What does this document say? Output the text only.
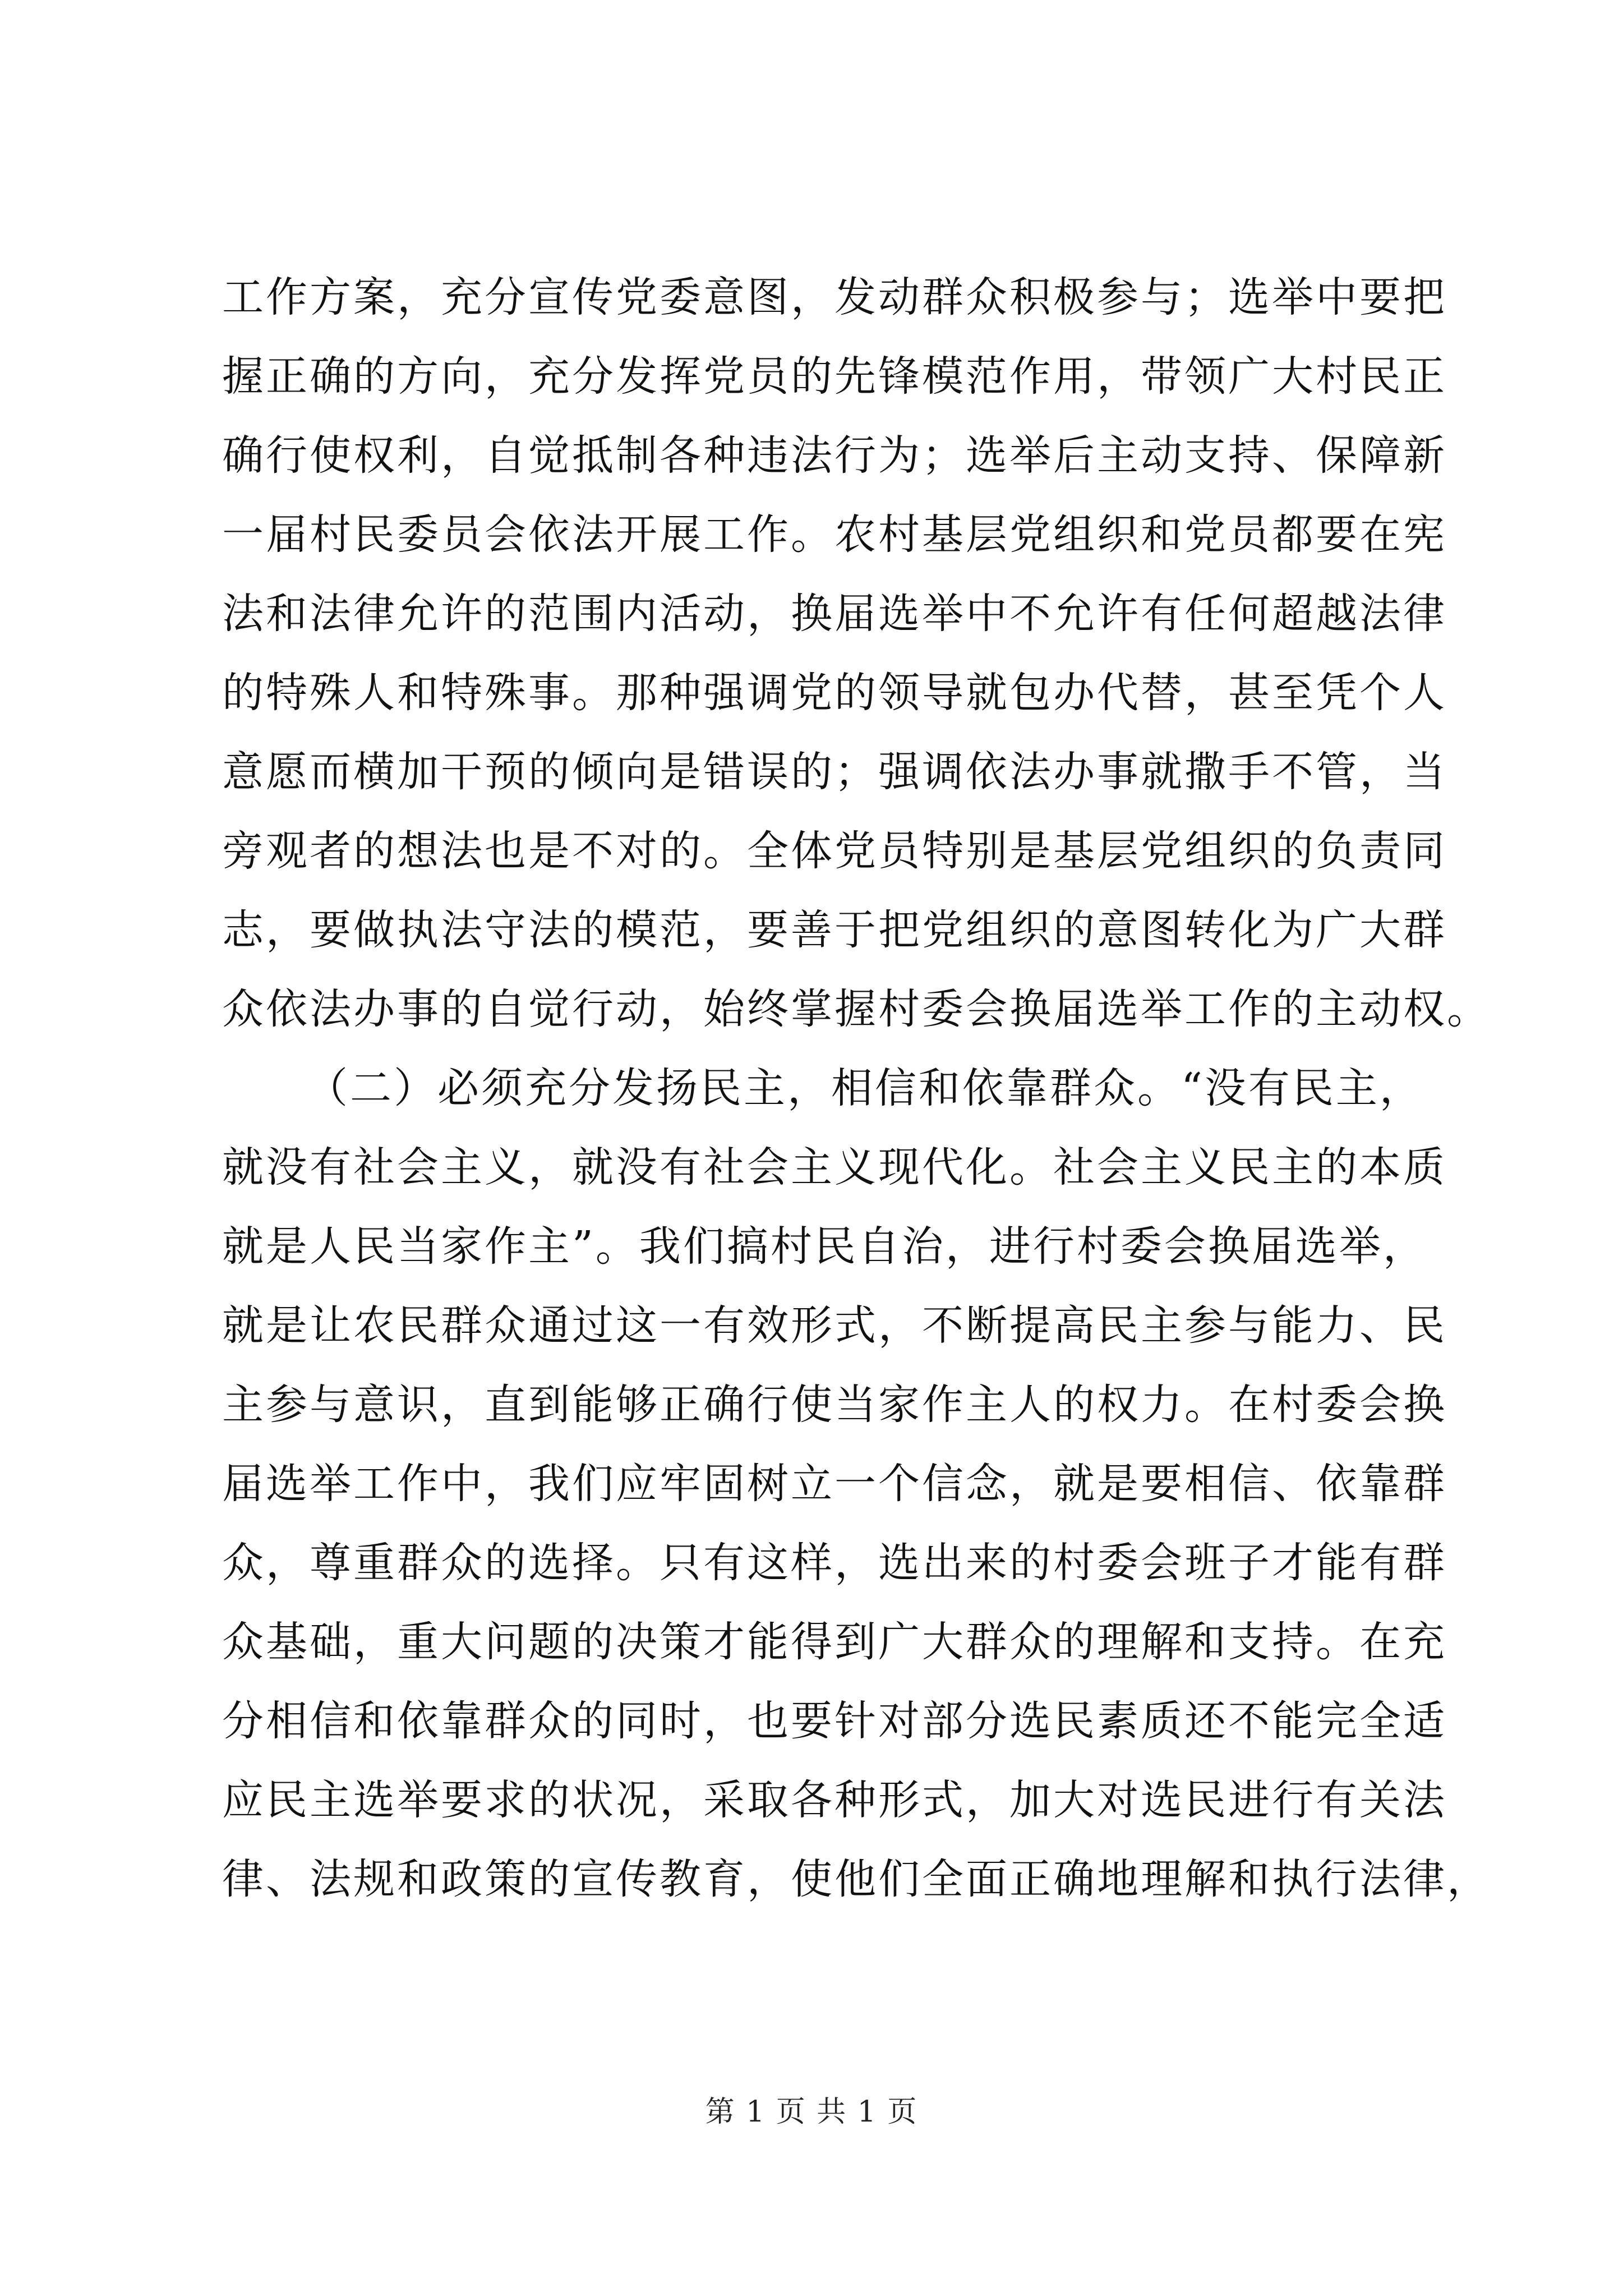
工作方案，充分宣传党委意图，发动群众积极参与；选举中要把
握正确的方向，充分发挥党员的先锋模范作用，带领广大村民正
确行使权利，自觉抵制各种违法行为；选举后主动支持、保障新
一届村民委员会依法开展工作。农村基层党组织和党员都要在宪
法和法律允许的范围内活动，换届选举中不允许有任何超越法律
的特殊人和特殊事。那种强调党的领导就包办代替，甚至凭个人
意愿而横加干预的倾向是错误的；强调依法办事就撒手不管，当
旁观者的想法也是不对的。全体党员特别是基层党组织的负责同
志，要做执法守法的模范，要善于把党组织的意图转化为广大群
众依法办事的自觉行动，始终掌握村委会换届选举工作的主动权。
（二）必须充分发扬民主，相信和依靠群众。“没有民主，
就没有社会主义，就没有社会主义现代化。社会主义民主的本质
就是人民当家作主”。我们搞村民自治，进行村委会换届选举，
就是让农民群众通过这一有效形式，不断提高民主参与能力、民
主参与意识，直到能够正确行使当家作主人的权力。在村委会换
届选举工作中，我们应牢固树立一个信念，就是要相信、依靠群
众，尊重群众的选择。只有这样，选出来的村委会班子才能有群
众基础，重大问题的决策才能得到广大群众的理解和支持。在充
分相信和依靠群众的同时，也要针对部分选民素质还不能完全适
应民主选举要求的状况，采取各种形式，加大对选民进行有关法
律、法规和政策的宣传教育，使他们全面正确地理解和执行法律，
第 1 页 共 1 页
